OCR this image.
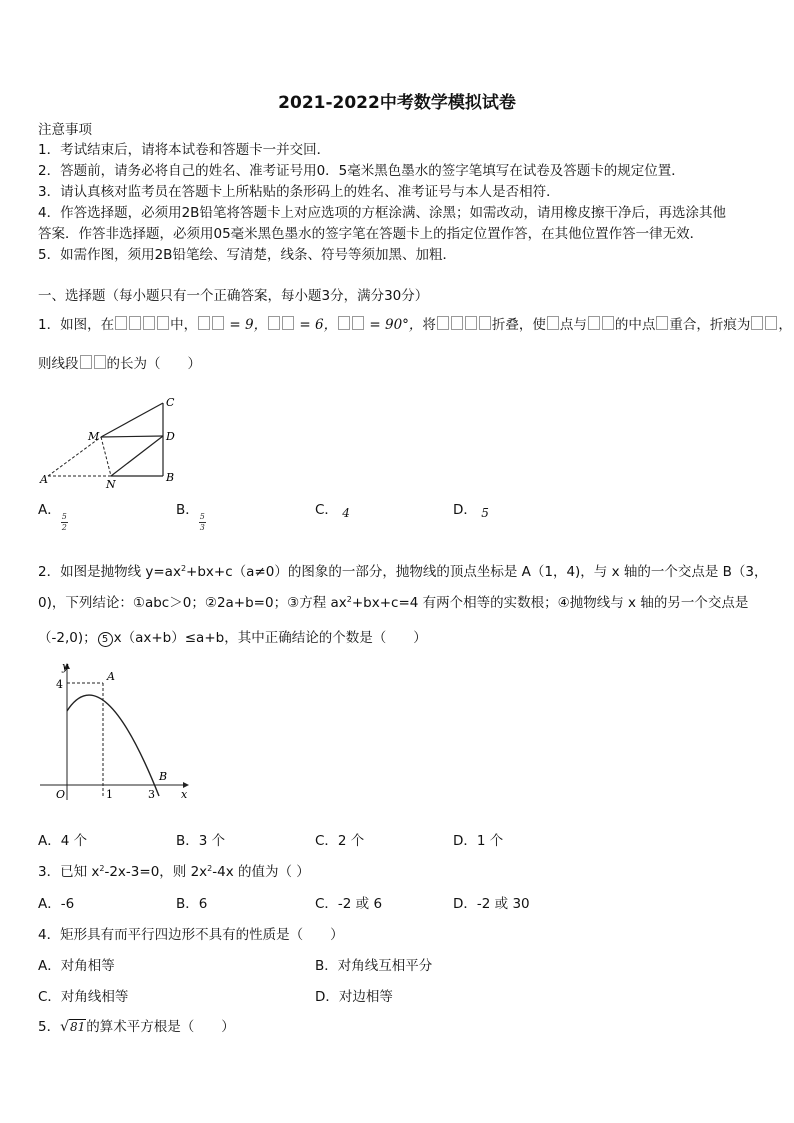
2021-2022中考数学模拟试卷
注意事项
1．考试结束后，请将本试卷和答题卡一并交回．
2．答题前，请务必将自己的姓名、准考证号用0．5毫米黑色墨水的签字笔填写在试卷及答题卡的规定位置．
3．请认真核对监考员在答题卡上所粘贴的条形码上的姓名、准考证号与本人是否相符．
4．作答选择题，必须用2B铅笔将答题卡上对应选项的方框涂满、涂黑；如需改动，请用橡皮擦干净后，再选涂其他
答案．作答非选择题，必须用05毫米黑色墨水的签字笔在答题卡上的指定位置作答，在其他位置作答一律无效．
5．如需作图，须用2B铅笔绘、写清楚，线条、符号等须加黑、加粗．
一、选择题（每小题只有一个正确答案，每小题3分，满分30分）
1．如图，在	中， = 9， = 6， = 90°，将	折叠，使 点与 的中点 重合，折痕为 ，
则线段 的长为（　　）
C
M	D
A	N
B
A．
$\frac{5}{2}$
B．
$\frac{5}{3}$
C． 4	D． 5
2．如图是抛物线 $y=ax^2+bx+c(a\ne 0)$的图象的一部分，抛物线的顶点坐标是 A（1，4)，与 x 轴的一个交点是 B（3，
0)，下列结论：①abc＞0；②2a+b=0；③方程 $ax^2+bx+c=4$ 有两个相等的实数根；④抛物线与 x 轴的另一个交点是
（-2,0)； 5 x（ax+b）≤a+b，其中正确结论的个数是（　　）
y
x
O
4
A
B
1	3
A．4 个	B．3 个	C．2 个	D．1 个
3．已知 $x^2-2x-3=0$，则 $2x^2-4x$ 的值为（ ）
A．-6	B．6	C．-2 或 6	D．-2 或 30
4．矩形具有而平行四边形不具有的性质是（　　）
A．对角相等	B．对角线互相平分
C．对角线相等	D．对边相等
5．√81的算术平方根是（　　）
